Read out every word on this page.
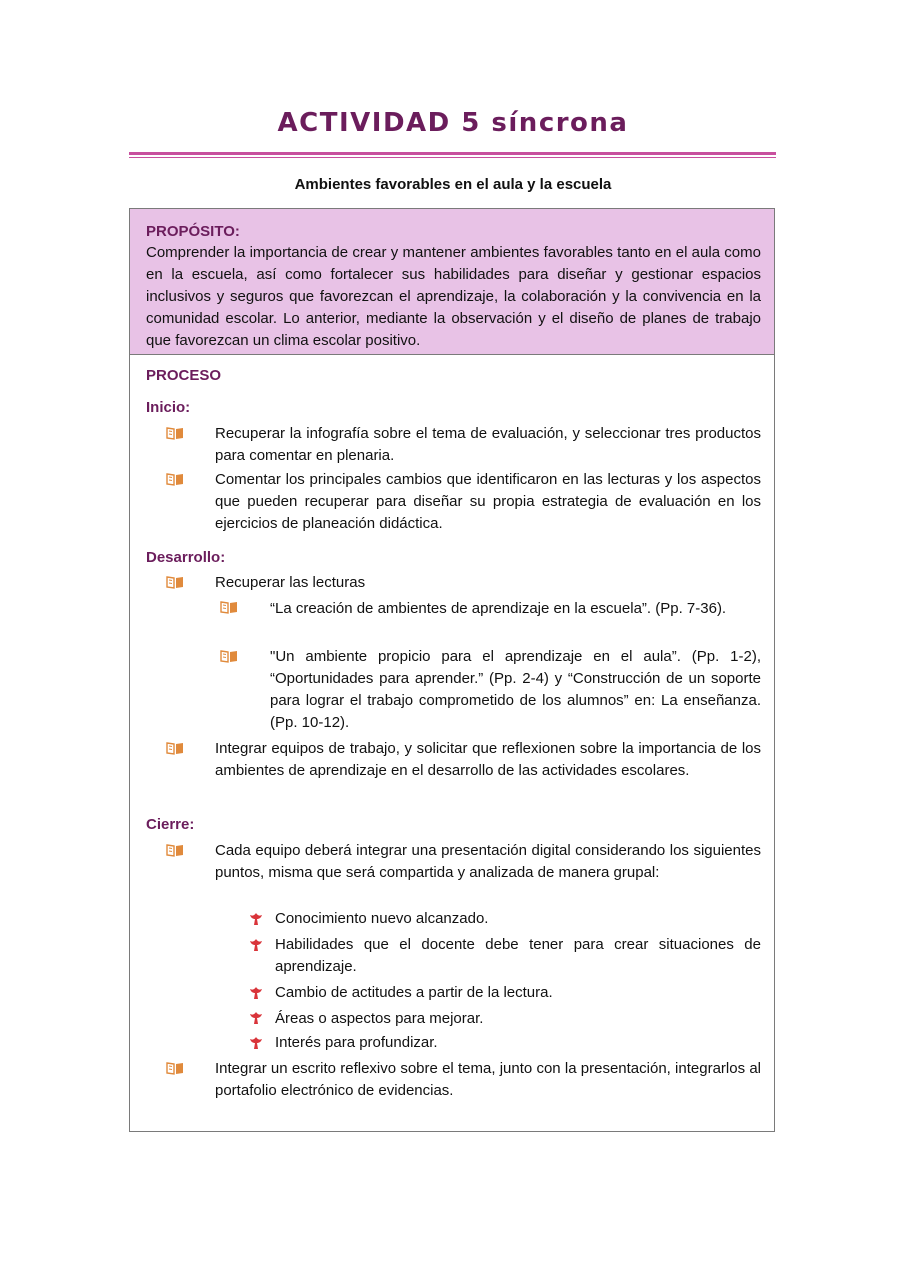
ACTIVIDAD 5 síncrona
Ambientes favorables en el aula y la escuela
PROPÓSITO:
Comprender la importancia de crear y mantener ambientes favorables tanto en el aula como en la escuela, así como fortalecer sus habilidades para diseñar y gestionar espacios inclusivos y seguros que favorezcan el aprendizaje, la colaboración y la convivencia en la comunidad escolar. Lo anterior, mediante la observación y el diseño de planes de trabajo que favorezcan un clima escolar positivo.
PROCESO
Inicio:
Recuperar la infografía sobre el tema de evaluación, y seleccionar tres productos para comentar en plenaria.
Comentar los principales cambios que identificaron en las lecturas y los aspectos que pueden recuperar para diseñar su propia estrategia de evaluación en los ejercicios de planeación didáctica.
Desarrollo:
Recuperar las lecturas
“La creación de ambientes de aprendizaje en la escuela”. (Pp. 7-36).
"Un ambiente propicio para el aprendizaje en el aula”. (Pp. 1-2), “Oportunidades para aprender.” (Pp. 2-4) y “Construcción de un soporte para lograr el trabajo comprometido de los alumnos” en: La enseñanza. (Pp. 10-12).
Integrar equipos de trabajo, y solicitar que reflexionen sobre la importancia de los ambientes de aprendizaje en el desarrollo de las actividades escolares.
Cierre:
Cada equipo deberá integrar una presentación digital considerando los siguientes puntos, misma que será compartida y analizada de manera grupal:
Conocimiento nuevo alcanzado.
Habilidades que el docente debe tener para crear situaciones de aprendizaje.
Cambio de actitudes a partir de la lectura.
Áreas o aspectos para mejorar.
Interés para profundizar.
Integrar un escrito reflexivo sobre el tema, junto con la presentación, integrarlos al portafolio electrónico de evidencias.
